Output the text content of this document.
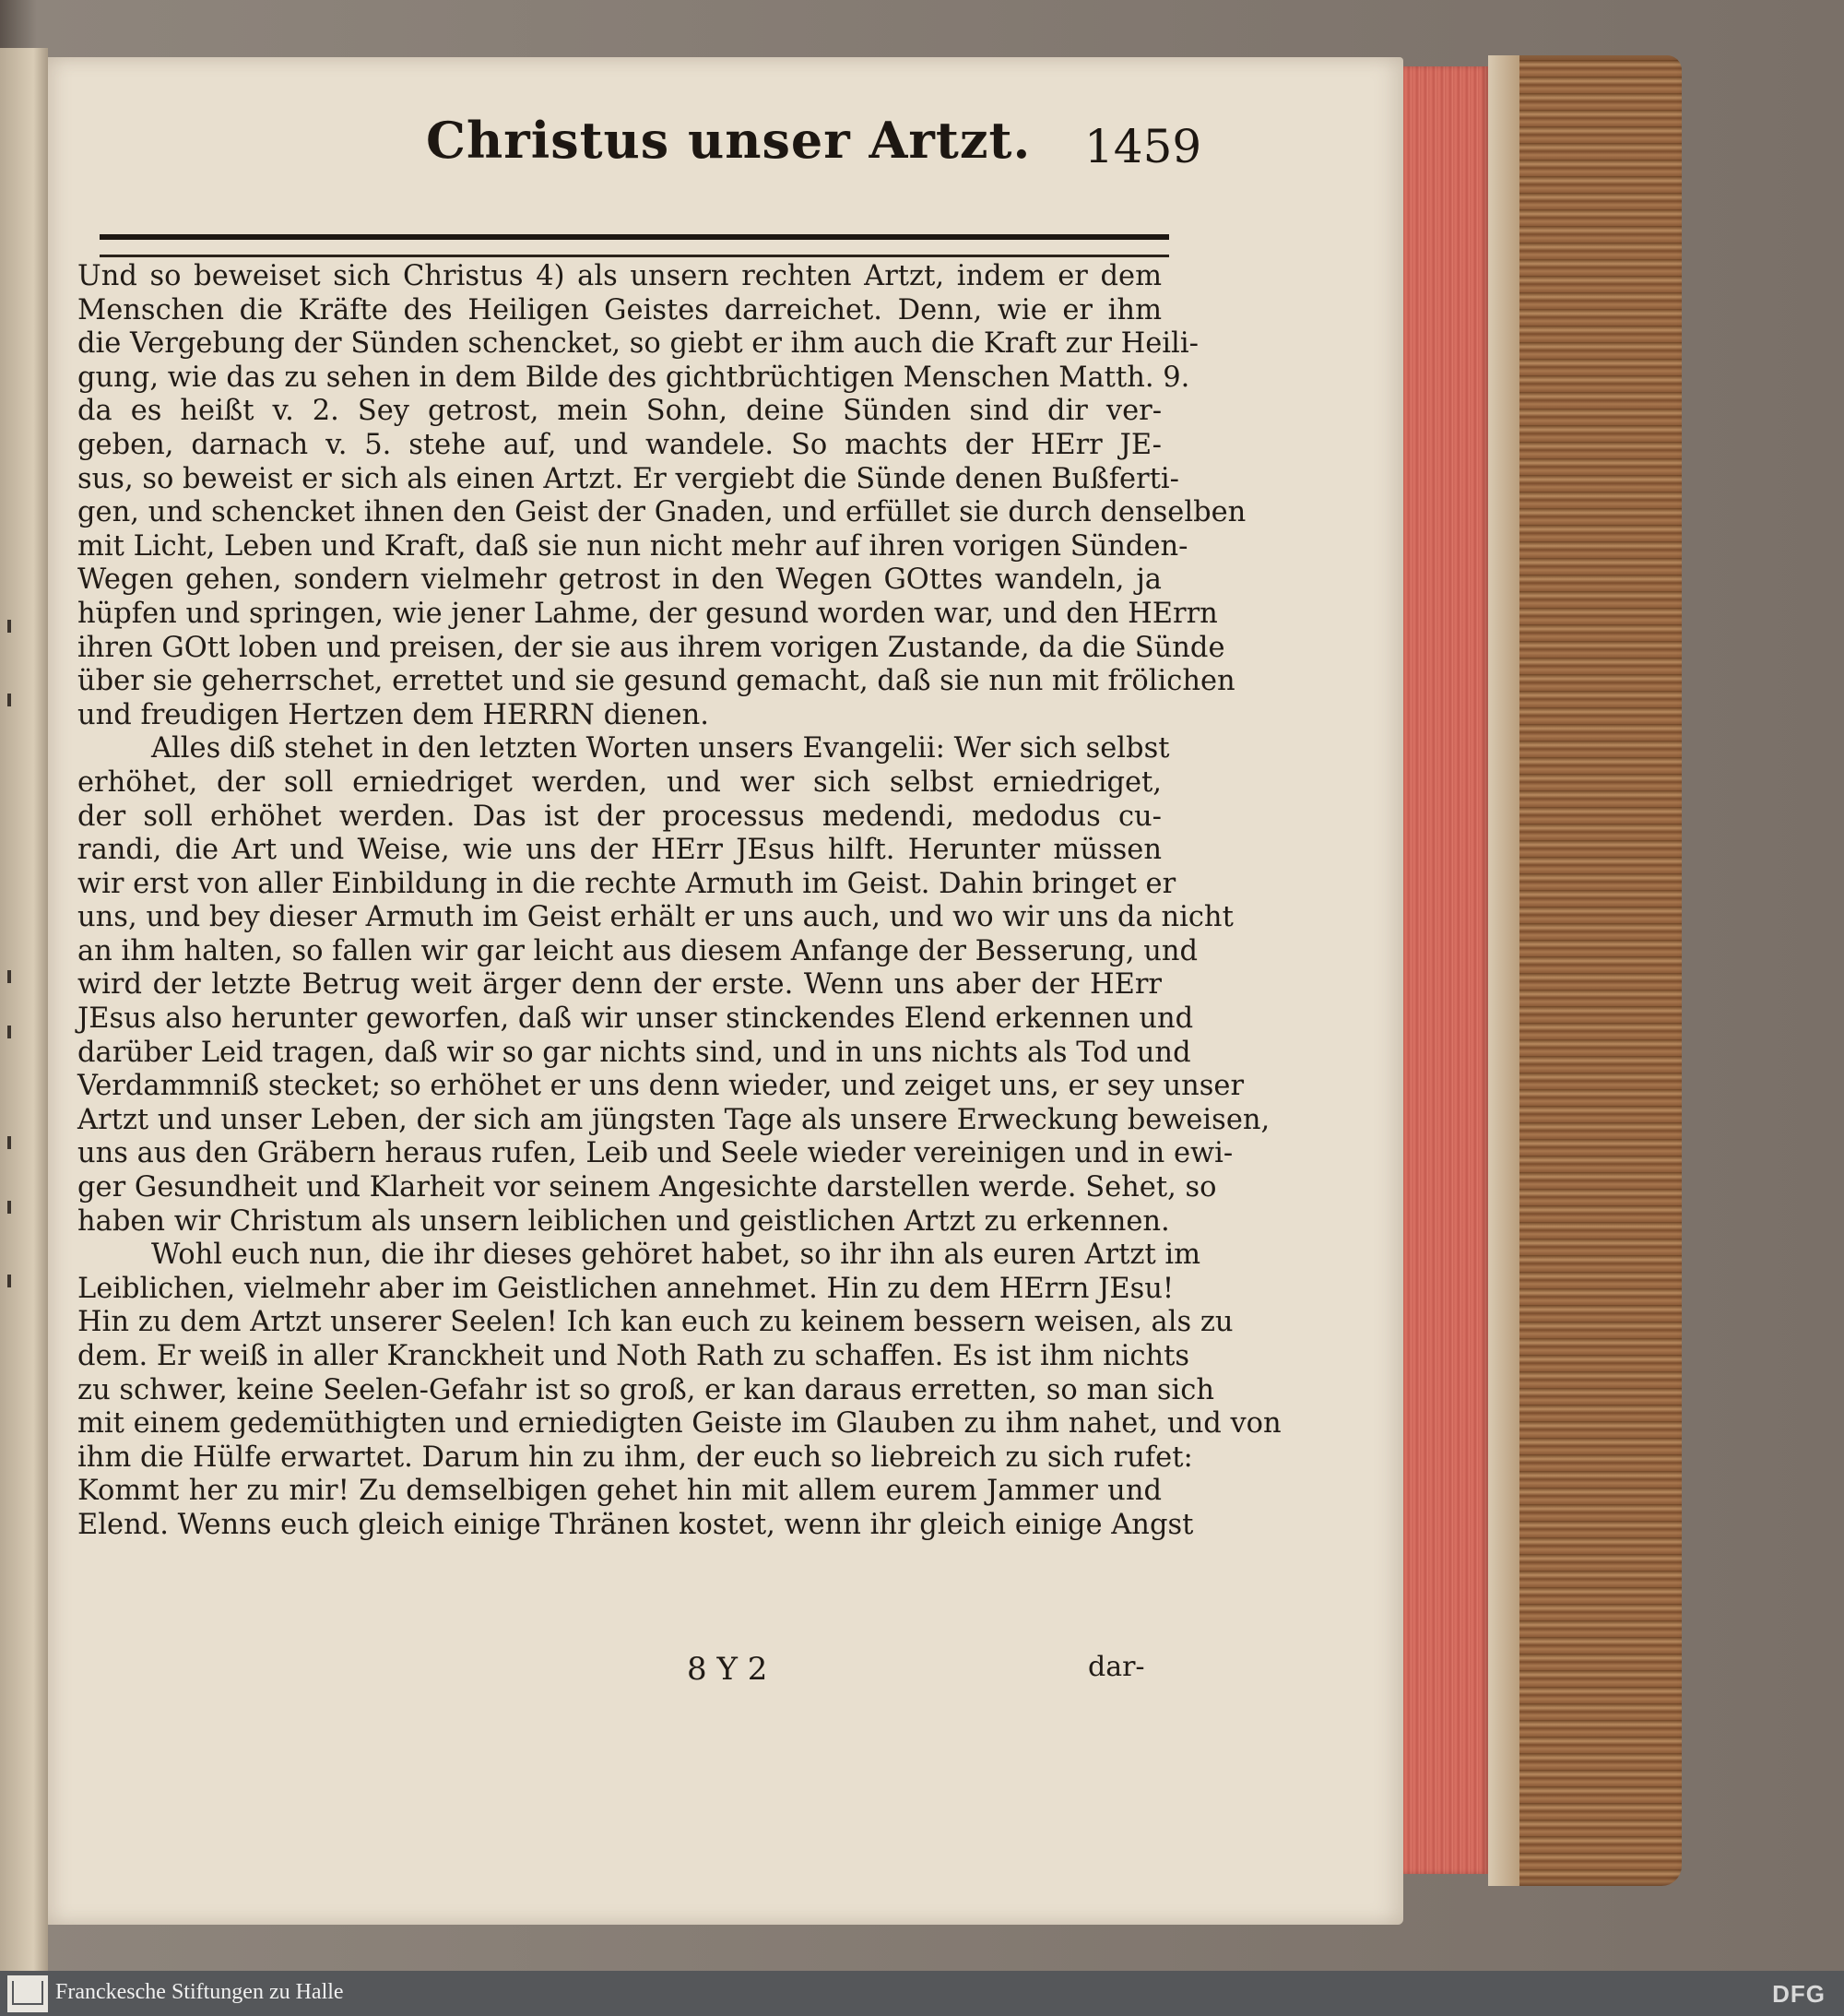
Christus unser Artzt. 1459
Und so beweiset sich Christus 4) als unsern rechten Artzt, indem er dem
Menschen die Kräfte des Heiligen Geistes darreichet. Denn, wie er ihm
die Vergebung der Sünden schencket, so giebt er ihm auch die Kraft zur Heili-
gung, wie das zu sehen in dem Bilde des gichtbrüchtigen Menschen Matth. 9.
da es heißt v. 2. Sey getrost, mein Sohn, deine Sünden sind dir ver-
geben, darnach v. 5. stehe auf, und wandele. So machts der HErr JE-
sus, so beweist er sich als einen Artzt. Er vergiebt die Sünde denen Bußferti-
gen, und schencket ihnen den Geist der Gnaden, und erfüllet sie durch denselben
mit Licht, Leben und Kraft, daß sie nun nicht mehr auf ihren vorigen Sünden-
Wegen gehen, sondern vielmehr getrost in den Wegen GOttes wandeln, ja
hüpfen und springen, wie jener Lahme, der gesund worden war, und den HErrn
ihren GOtt loben und preisen, der sie aus ihrem vorigen Zustande, da die Sünde
über sie geherrschet, errettet und sie gesund gemacht, daß sie nun mit frölichen
und freudigen Hertzen dem HERRN dienen.
Alles diß stehet in den letzten Worten unsers Evangelii: Wer sich selbst
erhöhet, der soll erniedriget werden, und wer sich selbst erniedriget,
der soll erhöhet werden. Das ist der processus medendi, medodus cu-
randi, die Art und Weise, wie uns der HErr JEsus hilft. Herunter müssen
wir erst von aller Einbildung in die rechte Armuth im Geist. Dahin bringet er
uns, und bey dieser Armuth im Geist erhält er uns auch, und wo wir uns da nicht
an ihm halten, so fallen wir gar leicht aus diesem Anfange der Besserung, und
wird der letzte Betrug weit ärger denn der erste. Wenn uns aber der HErr
JEsus also herunter geworfen, daß wir unser stinckendes Elend erkennen und
darüber Leid tragen, daß wir so gar nichts sind, und in uns nichts als Tod und
Verdammniß stecket; so erhöhet er uns denn wieder, und zeiget uns, er sey unser
Artzt und unser Leben, der sich am jüngsten Tage als unsere Erweckung beweisen,
uns aus den Gräbern heraus rufen, Leib und Seele wieder vereinigen und in ewi-
ger Gesundheit und Klarheit vor seinem Angesichte darstellen werde. Sehet, so
haben wir Christum als unsern leiblichen und geistlichen Artzt zu erkennen.
Wohl euch nun, die ihr dieses gehöret habet, so ihr ihn als euren Artzt im
Leiblichen, vielmehr aber im Geistlichen annehmet. Hin zu dem HErrn JEsu!
Hin zu dem Artzt unserer Seelen! Ich kan euch zu keinem bessern weisen, als zu
dem. Er weiß in aller Kranckheit und Noth Rath zu schaffen. Es ist ihm nichts
zu schwer, keine Seelen-Gefahr ist so groß, er kan daraus erretten, so man sich
mit einem gedemüthigten und erniedigten Geiste im Glauben zu ihm nahet, und von
ihm die Hülfe erwartet. Darum hin zu ihm, der euch so liebreich zu sich rufet:
Kommt her zu mir! Zu demselbigen gehet hin mit allem eurem Jammer und
Elend. Wenns euch gleich einige Thränen kostet, wenn ihr gleich einige Angst
8 Y 2	dar-
Franckesche Stiftungen zu Halle	DFG
